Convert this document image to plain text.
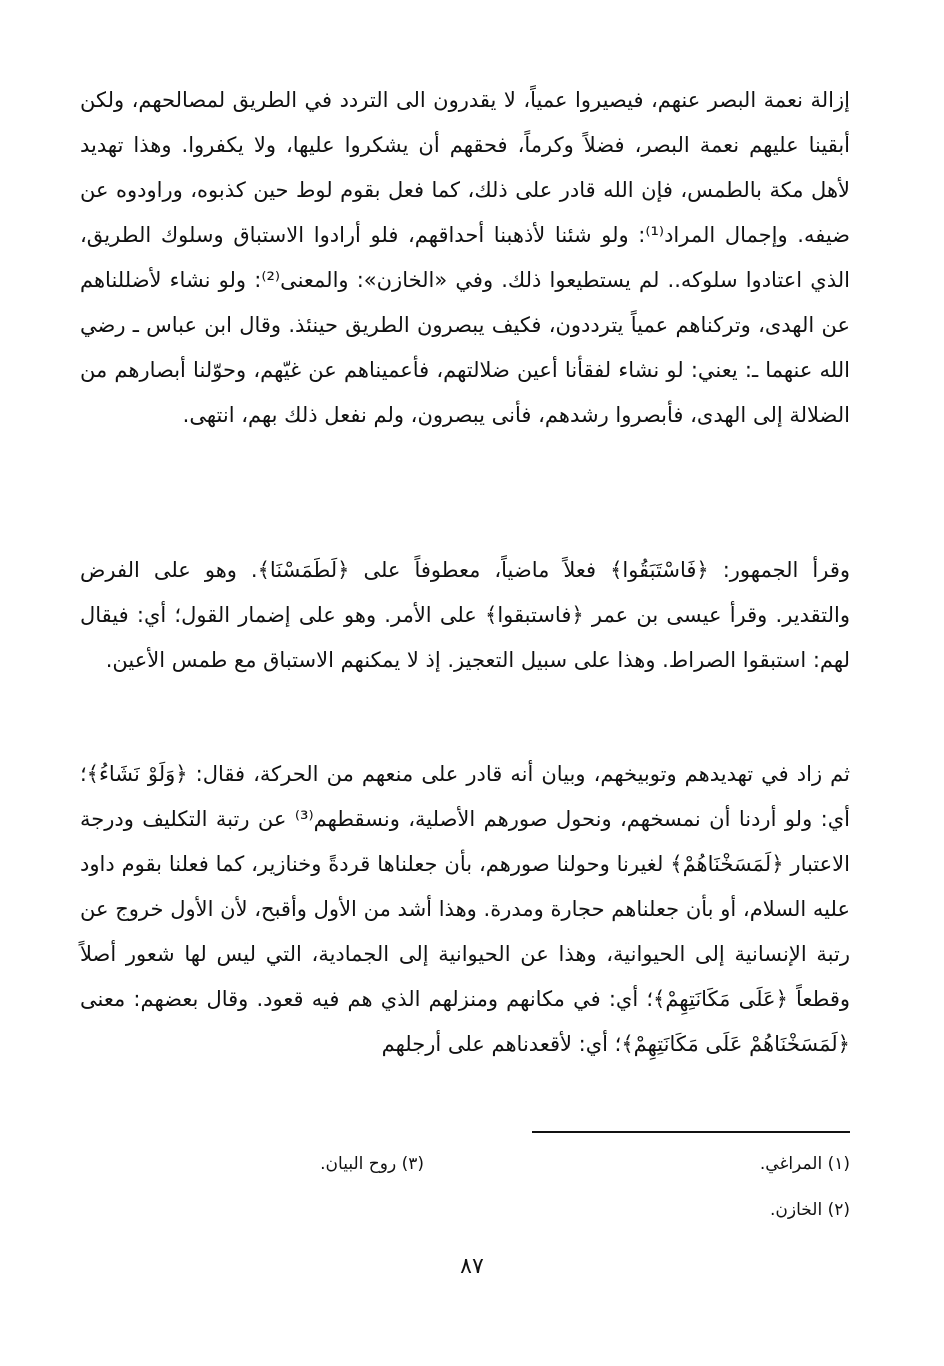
إزالة نعمة البصر عنهم، فيصيروا عمياً، لا يقدرون الى التردد في الطريق لمصالحهم، ولكن أبقينا عليهم نعمة البصر، فضلاً وكرماً، فحقهم أن يشكروا عليها، ولا يكفروا. وهذا تهديد لأهل مكة بالطمس، فإن الله قادر على ذلك، كما فعل بقوم لوط حين كذبوه، وراودوه عن ضيفه. وإجمال المراد⁽¹⁾: ولو شئنا لأذهبنا أحداقهم، فلو أرادوا الاستباق وسلوك الطريق، الذي اعتادوا سلوكه.. لم يستطيعوا ذلك. وفي «الخازن»: والمعنى⁽²⁾: ولو نشاء لأضللناهم عن الهدى، وتركناهم عمياً يترددون، فكيف يبصرون الطريق حينئذ. وقال ابن عباس ـ رضي الله عنهما ـ: يعني: لو نشاء لفقأنا أعين ضلالتهم، فأعميناهم عن غيّهم، وحوّلنا أبصارهم من الضلالة إلى الهدى، فأبصروا رشدهم، فأنى يبصرون، ولم نفعل ذلك بهم، انتهى.
وقرأ الجمهور: ﴿فَاسْتَبَقُوا﴾ فعلاً ماضياً، معطوفاً على ﴿لَطَمَسْنَا﴾. وهو على الفرض والتقدير. وقرأ عيسى بن عمر ﴿فاستبقوا﴾ على الأمر. وهو على إضمار القول؛ أي: فيقال لهم: استبقوا الصراط. وهذا على سبيل التعجيز. إذ لا يمكنهم الاستباق مع طمس الأعين.
ثم زاد في تهديدهم وتوبيخهم، وبيان أنه قادر على منعهم من الحركة، فقال: ﴿وَلَوْ نَشَاءُ﴾؛ أي: ولو أردنا أن نمسخهم، ونحول صورهم الأصلية، ونسقطهم⁽³⁾ عن رتبة التكليف ودرجة الاعتبار ﴿لَمَسَخْنَاهُمْ﴾ لغيرنا وحولنا صورهم، بأن جعلناها قردةً وخنازير، كما فعلنا بقوم داود عليه السلام، أو بأن جعلناهم حجارة ومدرة. وهذا أشد من الأول وأقبح، لأن الأول خروج عن رتبة الإنسانية إلى الحيوانية، وهذا عن الحيوانية إلى الجمادية، التي ليس لها شعور أصلاً وقطعاً ﴿عَلَى مَكَانَتِهِمْ﴾؛ أي: في مكانهم ومنزلهم الذي هم فيه قعود. وقال بعضهم: معنى ﴿لَمَسَخْنَاهُمْ عَلَى مَكَانَتِهِمْ﴾؛ أي: لأقعدناهم على أرجلهم
(١) المراغي.
(٢) الخازن.
(٣) روح البيان.
٨٧
